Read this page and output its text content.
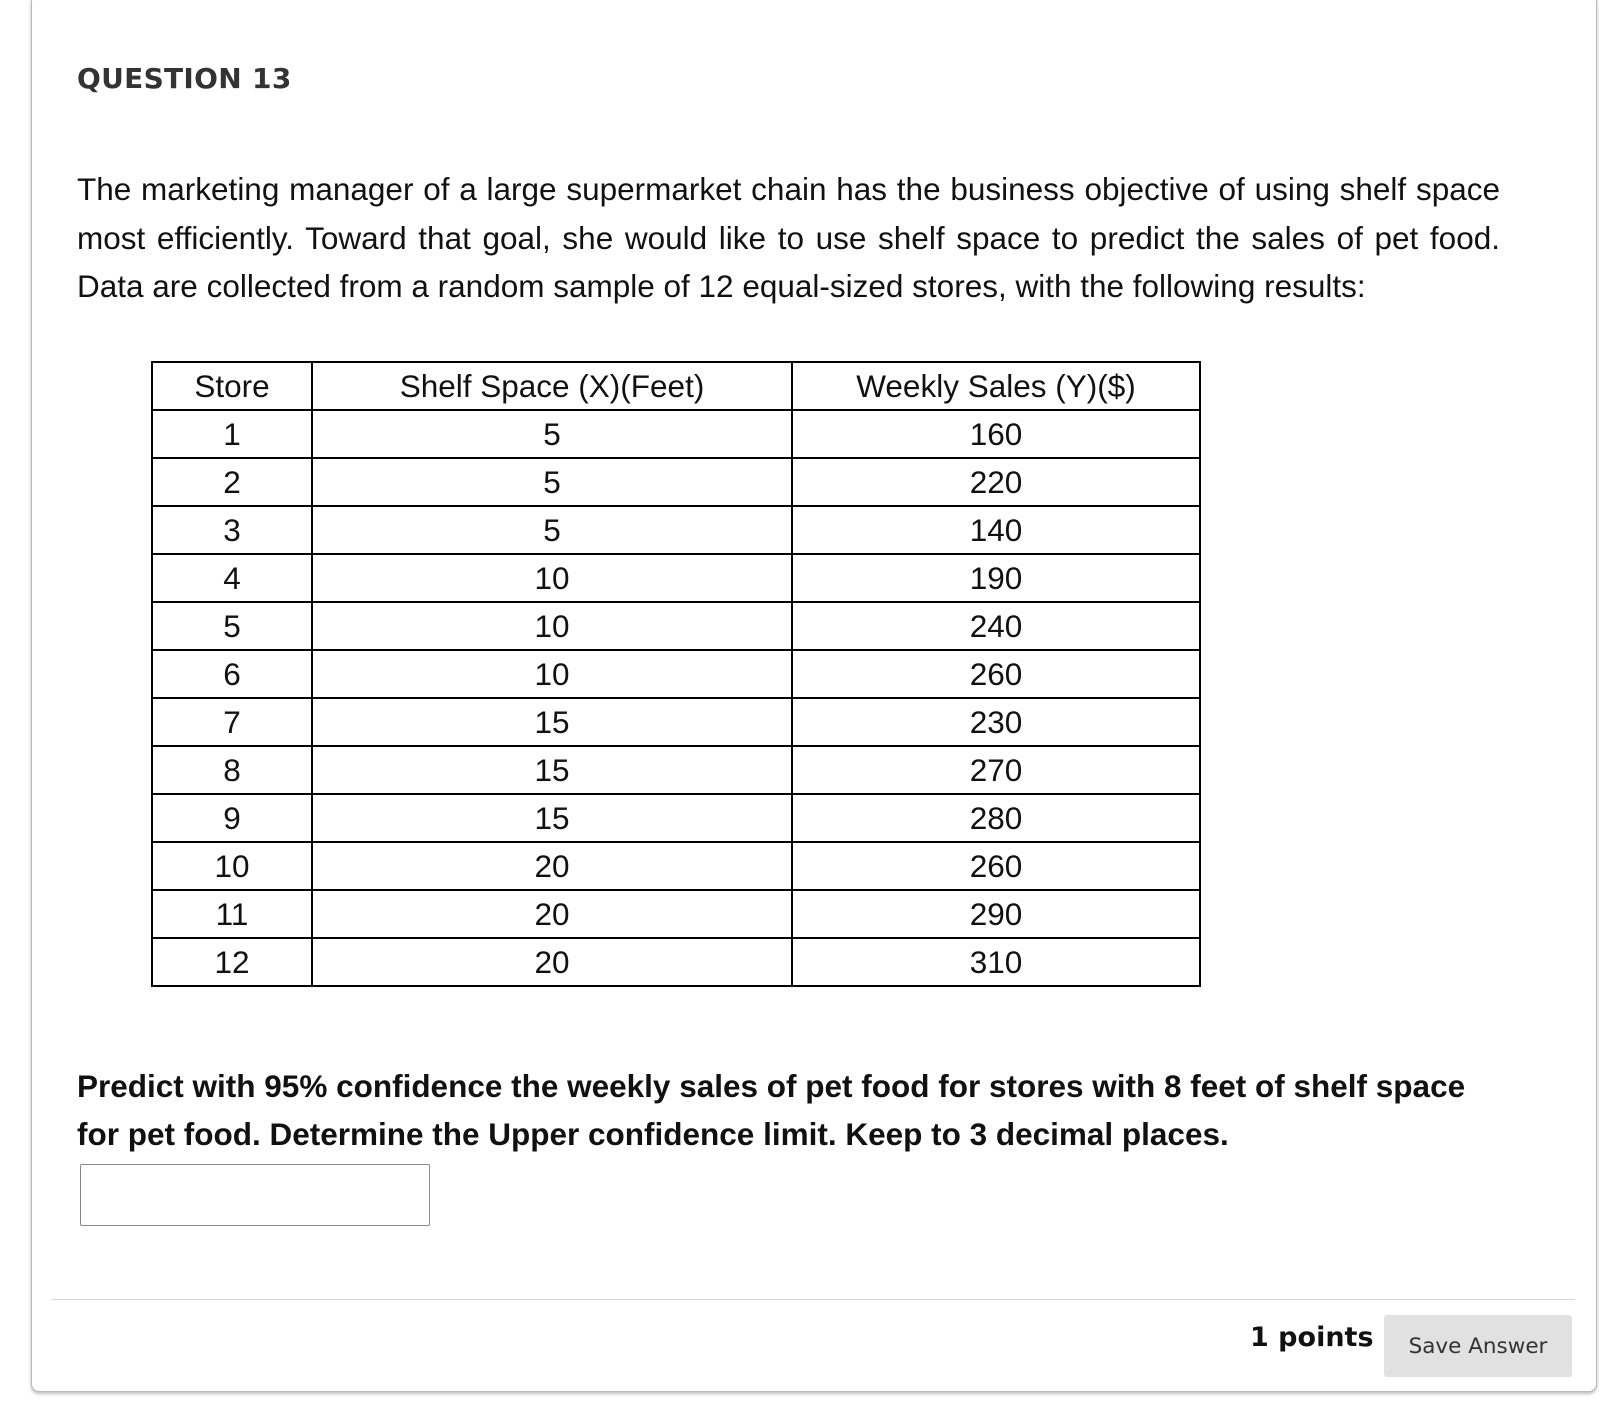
QUESTION 13

The marketing manager of a large supermarket chain has the business objective of using shelf space most efficiently. Toward that goal, she would like to use shelf space to predict the sales of pet food. Data are collected from a random sample of 12 equal-sized stores, with the following results:

Store	Shelf Space (X)(Feet)	Weekly Sales (Y)($)
1	5	160
2	5	220
3	5	140
4	10	190
5	10	240
6	10	260
7	15	230
8	15	270
9	15	280
10	20	260
11	20	290
12	20	310

Predict with 95% confidence the weekly sales of pet food for stores with 8 feet of shelf space for pet food. Determine the Upper confidence limit. Keep to 3 decimal places.

1 points	Save Answer
